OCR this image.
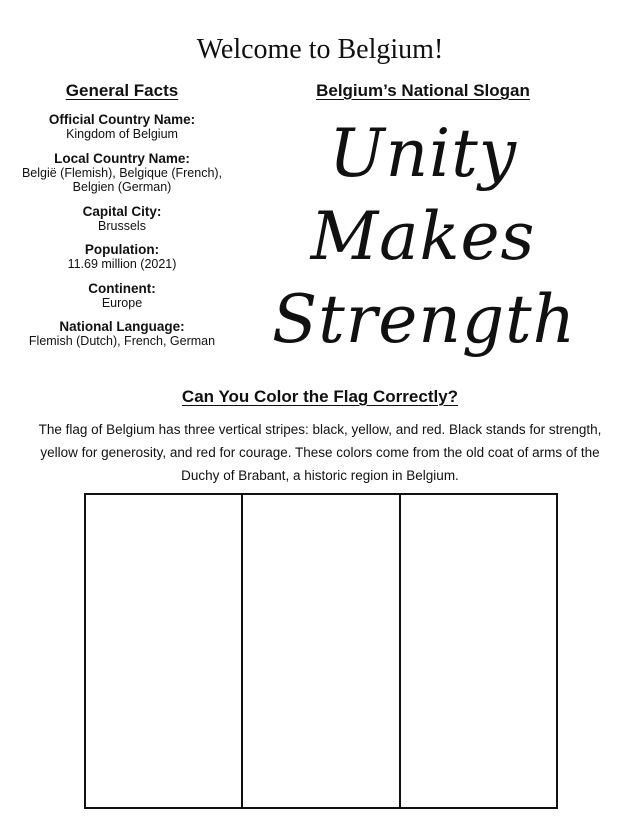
Welcome to Belgium!
General Facts
Official Country Name:
Kingdom of Belgium
Local Country Name:
België (Flemish), Belgique (French), Belgien (German)
Capital City:
Brussels
Population:
11.69 million (2021)
Continent:
Europe
National Language:
Flemish (Dutch), French, German
Belgium’s National Slogan
Unity
Makes
Strength
Can You Color the Flag Correctly?
The flag of Belgium has three vertical stripes: black, yellow, and red. Black stands for strength, yellow for generosity, and red for courage. These colors come from the old coat of arms of the Duchy of Brabant, a historic region in Belgium.
